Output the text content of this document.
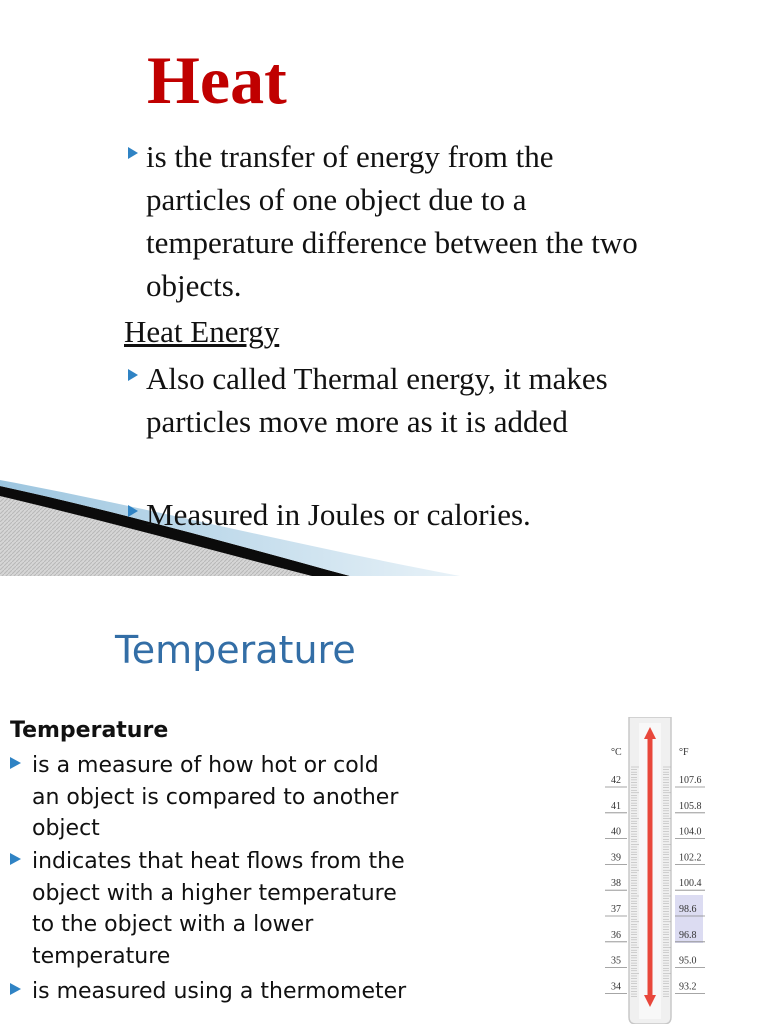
Heat
is the transfer of energy from the
particles of one object due to a
temperature difference between the two
objects.
Heat Energy
Also called Thermal energy, it makes
particles move more as it is added
Measured in Joules or calories.
Temperature
Temperature
is a measure of how hot or cold
an object is compared to another
object
indicates that heat flows from the
object with a higher temperature
to the object with a lower
temperature
is measured using a thermometer
°C	°F
42
41
40
39
38
37
36
35
34
107.6
105.8
104.0
102.2
100.4
98.6
96.8
95.0
93.2
